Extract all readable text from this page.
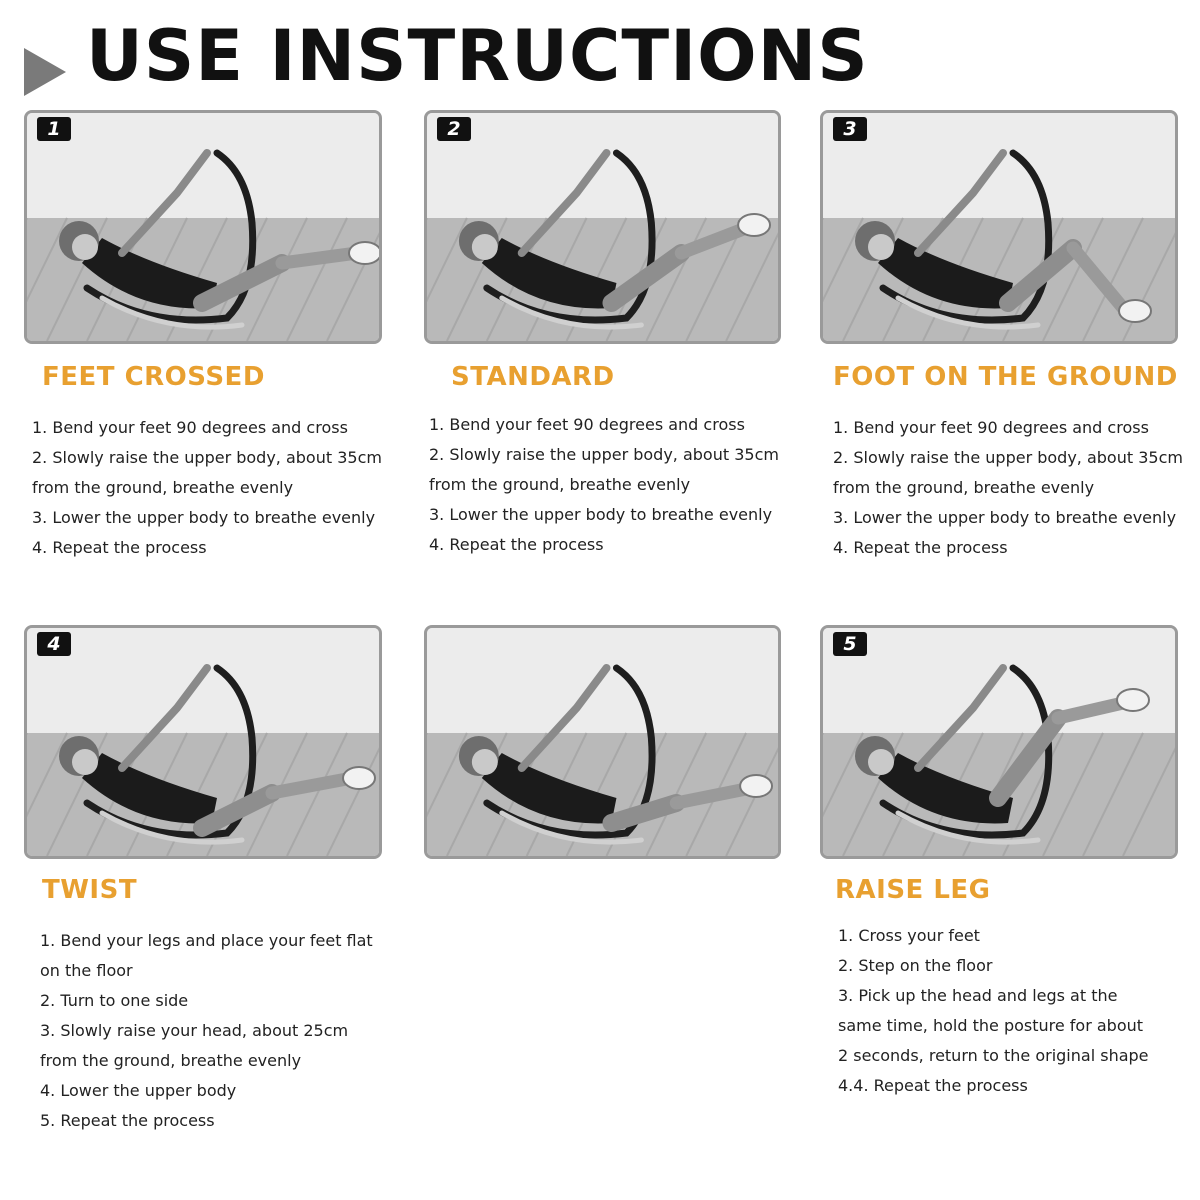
USE INSTRUCTIONS
1	2	3
4	5
FEET CROSSED
1. Bend your feet 90 degrees and cross
2. Slowly raise the upper body, about 35cm
from the ground, breathe evenly
3. Lower the upper body to breathe evenly
4. Repeat the process
STANDARD
1. Bend your feet 90 degrees and cross
2. Slowly raise the upper body, about 35cm
from the ground, breathe evenly
3. Lower the upper body to breathe evenly
4. Repeat the process
FOOT ON THE GROUND
1. Bend your feet 90 degrees and cross
2. Slowly raise the upper body, about 35cm
from the ground, breathe evenly
3. Lower the upper body to breathe evenly
4. Repeat the process
TWIST
1. Bend your legs and place your feet flat
on the floor
2. Turn to one side
3. Slowly raise your head, about 25cm
from the ground, breathe evenly
4. Lower the upper body
5. Repeat the process
RAISE LEG
1. Cross your feet
2. Step on the floor
3. Pick up the head and legs at the
same time, hold the posture for about
2 seconds, return to the original shape
4.4. Repeat the process
